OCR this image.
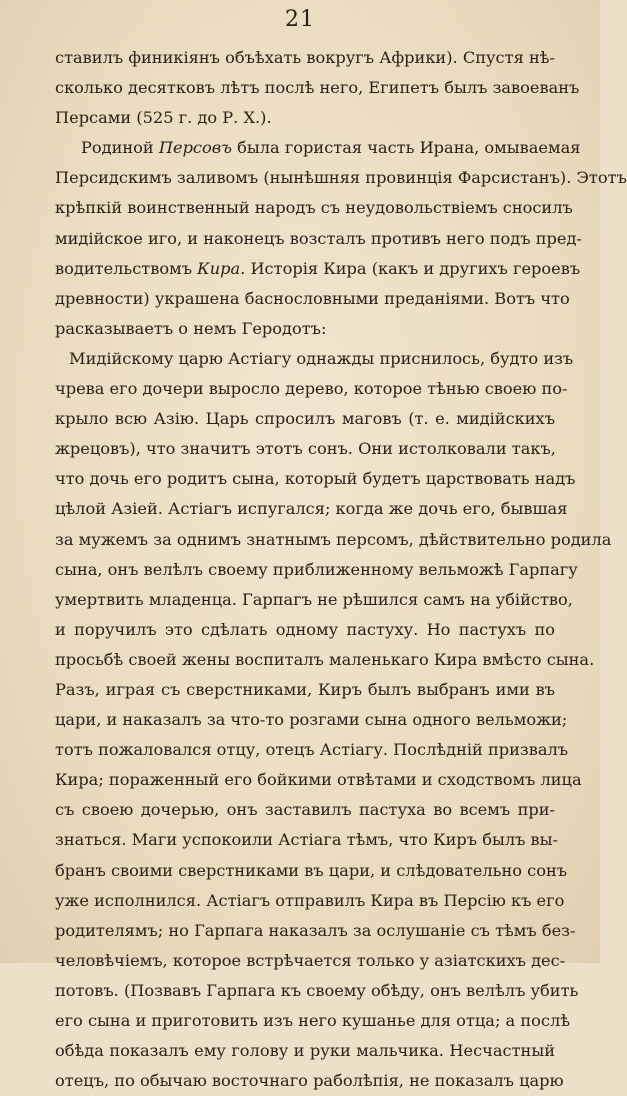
21
ставилъ финикіянъ объѣхать вокругъ Африки). Спустя нѣ-
сколько десятковъ лѣтъ послѣ него, Египетъ былъ завоеванъ
Персами (525 г. до Р. Х.).
Родиной Персовъ была гористая часть Ирана, омываемая
Персидскимъ заливомъ (нынѣшняя провинція Фарсистанъ). Этотъ
крѣпкій воинственный народъ съ неудовольствіемъ сносилъ
мидійское иго, и наконецъ возсталъ противъ него подъ пред-
водительствомъ Кира. Исторія Кира (какъ и другихъ героевъ
древности) украшена баснословными преданіями. Вотъ что
расказываетъ о немъ Геродотъ:
Мидійскому царю Астіагу однажды приснилось, будто изъ
чрева его дочери выросло дерево, которое тѣнью своею по-
крыло всю Азію. Царь спросилъ маговъ (т. е. мидійскихъ
жрецовъ), что значитъ этотъ сонъ. Они истолковали такъ,
что дочь его родитъ сына, который будетъ царствовать надъ
цѣлой Азіей. Астіагъ испугался; когда же дочь его, бывшая
за мужемъ за однимъ знатнымъ персомъ, дѣйствительно родила
сына, онъ велѣлъ своему приближенному вельможѣ Гарпагу
умертвить младенца. Гарпагъ не рѣшился самъ на убійство,
и поручилъ это сдѣлать одному пастуху. Но пастухъ по
просьбѣ своей жены воспиталъ маленькаго Кира вмѣсто сына.
Разъ, играя съ сверстниками, Киръ былъ выбранъ ими въ
цари, и наказалъ за что-то розгами сына одного вельможи;
тотъ пожаловался отцу, отецъ Астіагу. Послѣдній призвалъ
Кира; пораженный его бойкими отвѣтами и сходствомъ лица
съ своею дочерью, онъ заставилъ пастуха во всемъ при-
знаться. Маги успокоили Астіага тѣмъ, что Киръ былъ вы-
бранъ своими сверстниками въ цари, и слѣдовательно сонъ
уже исполнился. Астіагъ отправилъ Кира въ Персію къ его
родителямъ; но Гарпага наказалъ за ослушаніе съ тѣмъ без-
человѣчіемъ, которое встрѣчается только у азіатскихъ дес-
потовъ. (Позвавъ Гарпага къ своему обѣду, онъ велѣлъ убить
его сына и приготовить изъ него кушанье для отца; а послѣ
обѣда показалъ ему голову и руки мальчика. Несчастный
отецъ, по обычаю восточнаго раболѣпія, не показалъ царю
